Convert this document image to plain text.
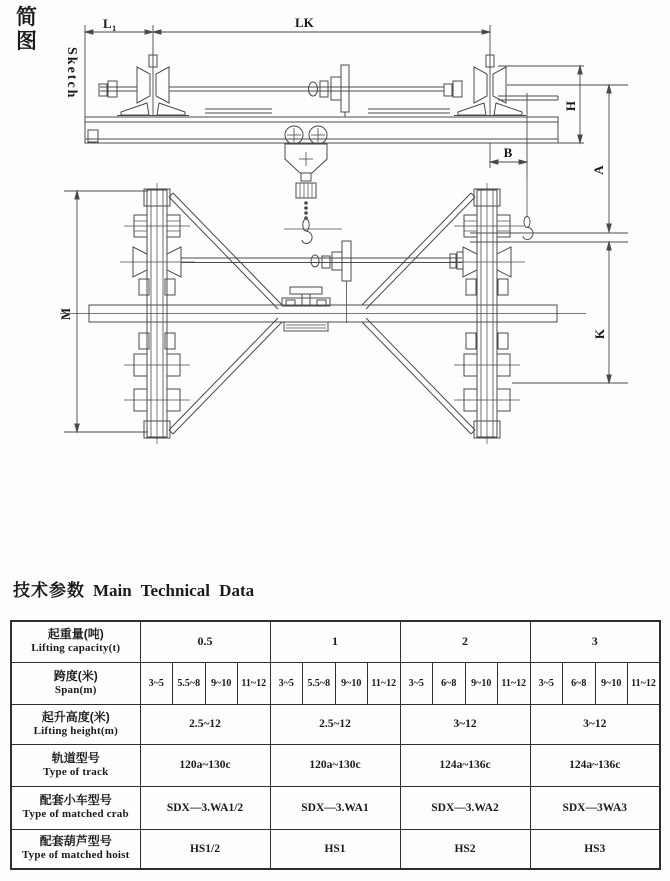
L 1	LK
H
B
A
M
K
简图
Sketch
技术参数 Main Technical Data
起重量(吨)
Lifting capacity(t)	0.5				1				2				3			

跨度(米)
Span(m)	3~5	5.5~8	9~10	11~12	3~5	5.5~8	9~10	11~12	3~5	6~8	9~10	11~12	3~5	6~8	9~10	11~12

起升高度(米)
Lifting height(m)	2.5~12				2.5~12				3~12				3~12			

轨道型号
Type of track	120a~130c				120a~130c				124a~136c				124a~136c			

配套小车型号
Type of matched crab	SDX—3.WA1/2				SDX—3.WA1				SDX—3.WA2				SDX—3WA3			

配套葫芦型号
Type of matched hoist	HS1/2				HS1				HS2				HS3			
